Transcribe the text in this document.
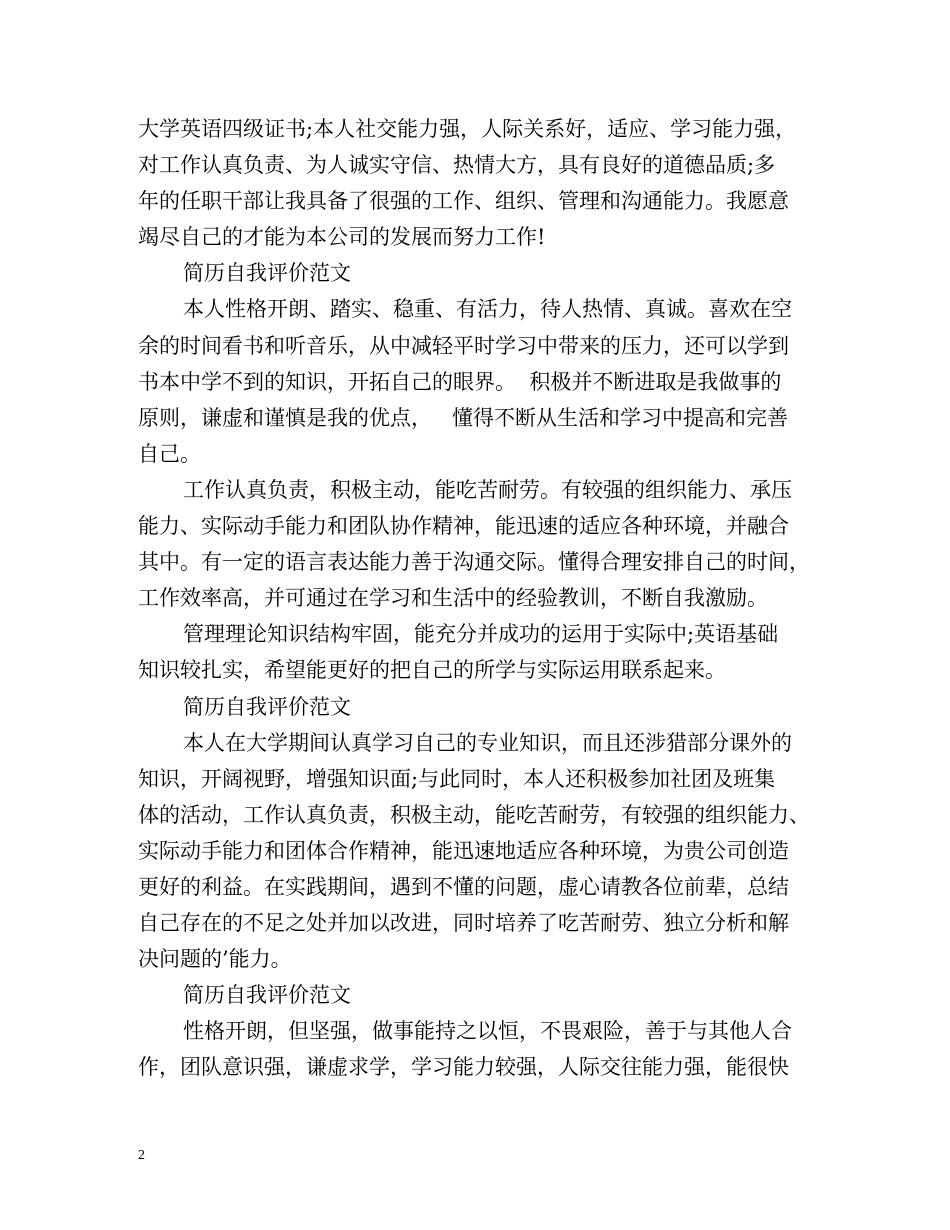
大学英语四级证书;本人社交能力强，人际关系好，适应、学习能力强，
对工作认真负责、为人诚实守信、热情大方，具有良好的道德品质;多
年的任职干部让我具备了很强的工作、组织、管理和沟通能力。我愿意
竭尽自己的才能为本公司的发展而努力工作!
简历自我评价范文
本人性格开朗、踏实、稳重、有活力，待人热情、真诚。喜欢在空
余的时间看书和听音乐，从中减轻平时学习中带来的压力，还可以学到
书本中学不到的知识，开拓自己的眼界。  积极并不断进取是我做事的
原则，谦虚和谨慎是我的优点，   懂得不断从生活和学习中提高和完善
自己。
工作认真负责，积极主动，能吃苦耐劳。有较强的组织能力、承压
能力、实际动手能力和团队协作精神，能迅速的适应各种环境，并融合
其中。有一定的语言表达能力善于沟通交际。懂得合理安排自己的时间，
工作效率高，并可通过在学习和生活中的经验教训，不断自我激励。
管理理论知识结构牢固，能充分并成功的运用于实际中;英语基础
知识较扎实，希望能更好的把自己的所学与实际运用联系起来。
简历自我评价范文
本人在大学期间认真学习自己的专业知识，而且还涉猎部分课外的
知识，开阔视野，增强知识面;与此同时，本人还积极参加社团及班集
体的活动，工作认真负责，积极主动，能吃苦耐劳，有较强的组织能力、
实际动手能力和团体合作精神，能迅速地适应各种环境，为贵公司创造
更好的利益。在实践期间，遇到不懂的问题，虚心请教各位前辈，总结
自己存在的不足之处并加以改进，同时培养了吃苦耐劳、独立分析和解
决问题的’能力。
简历自我评价范文
性格开朗，但坚强，做事能持之以恒，不畏艰险，善于与其他人合
作，团队意识强，谦虚求学，学习能力较强，人际交往能力强，能很快
2
